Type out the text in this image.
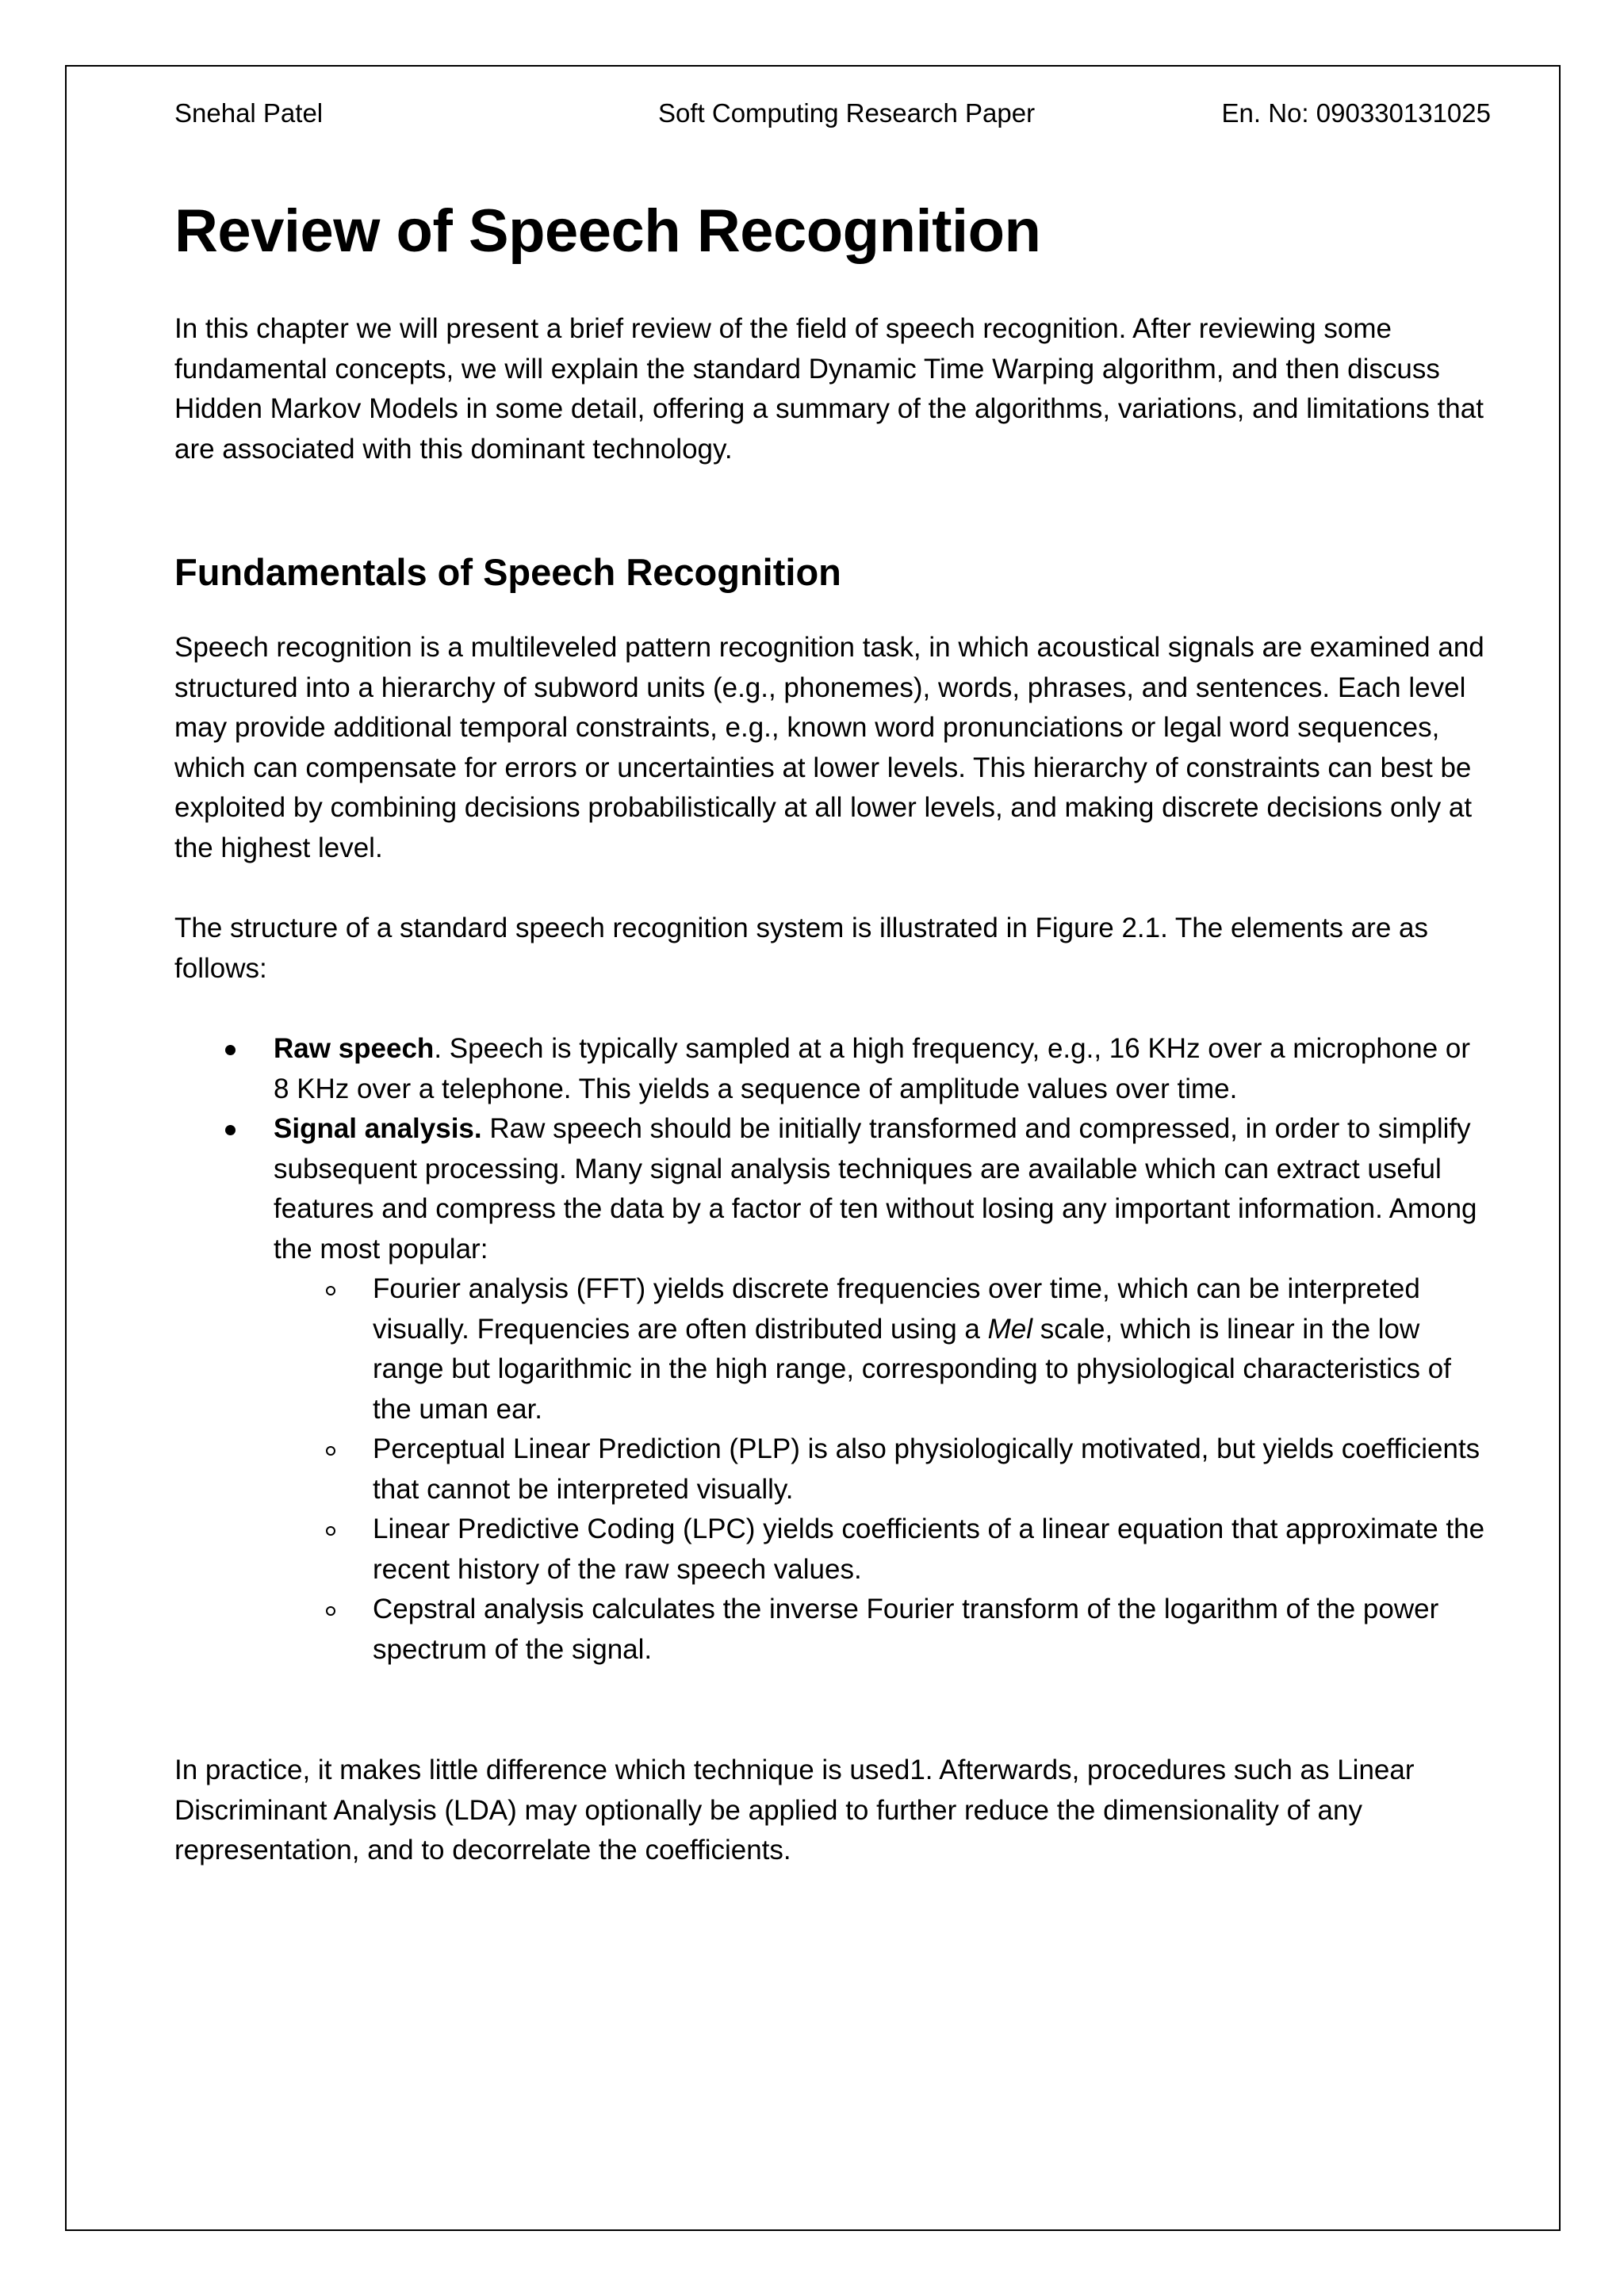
Snehal Patel	Soft Computing Research Paper	En. No: 090330131025
Review of Speech Recognition

In this chapter we will present a brief review of the field of speech recognition. After reviewing some fundamental concepts, we will explain the standard Dynamic Time Warping algorithm, and then discuss Hidden Markov Models in some detail, offering a summary of the algorithms, variations, and limitations that are associated with this dominant technology.

Fundamentals of Speech Recognition

Speech recognition is a multileveled pattern recognition task, in which acoustical signals are examined and structured into a hierarchy of subword units (e.g., phonemes), words, phrases, and sentences. Each level may provide additional temporal constraints, e.g., known word pronunciations or legal word sequences, which can compensate for errors or uncertainties at lower levels. This hierarchy of constraints can best be exploited by combining decisions probabilistically at all lower levels, and making discrete decisions only at the highest level.

The structure of a standard speech recognition system is illustrated in Figure 2.1. The elements are as follows:

Raw speech. Speech is typically sampled at a high frequency, e.g., 16 KHz over a microphone or 8 KHz over a telephone. This yields a sequence of amplitude values over time.
Signal analysis. Raw speech should be initially transformed and compressed, in order to simplify subsequent processing. Many signal analysis techniques are available which can extract useful features and compress the data by a factor of ten without losing any important information. Among the most popular:
Fourier analysis (FFT) yields discrete frequencies over time, which can be interpreted visually. Frequencies are often distributed using a Mel scale, which is linear in the low range but logarithmic in the high range, corresponding to physiological characteristics of the uman ear.
Perceptual Linear Prediction (PLP) is also physiologically motivated, but yields coefficients that cannot be interpreted visually.
Linear Predictive Coding (LPC) yields coefficients of a linear equation that approximate the recent history of the raw speech values.
Cepstral analysis calculates the inverse Fourier transform of the logarithm of the power spectrum of the signal.

In practice, it makes little difference which technique is used1. Afterwards, procedures such as Linear Discriminant Analysis (LDA) may optionally be applied to further reduce the dimensionality of any representation, and to decorrelate the coefficients.
